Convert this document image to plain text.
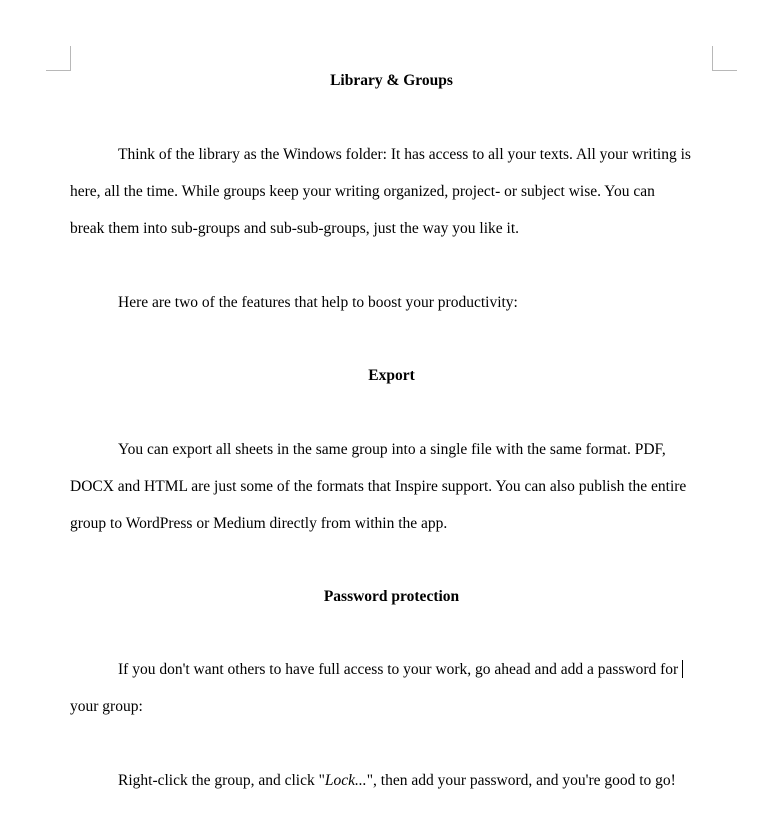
Library & Groups

Think of the library as the Windows folder: It has access to all your texts. All your writing is
here, all the time. While groups keep your writing organized, project- or subject wise. You can
break them into sub-groups and sub-sub-groups, just the way you like it.

Here are two of the features that help to boost your productivity:

Export

You can export all sheets in the same group into a single file with the same format. PDF,
DOCX and HTML are just some of the formats that Inspire support. You can also publish the entire
group to WordPress or Medium directly from within the app.

Password protection

If you don't want others to have full access to your work, go ahead and add a password for
your group:

Right-click the group, and click "Lock...", then add your password, and you're good to go!
